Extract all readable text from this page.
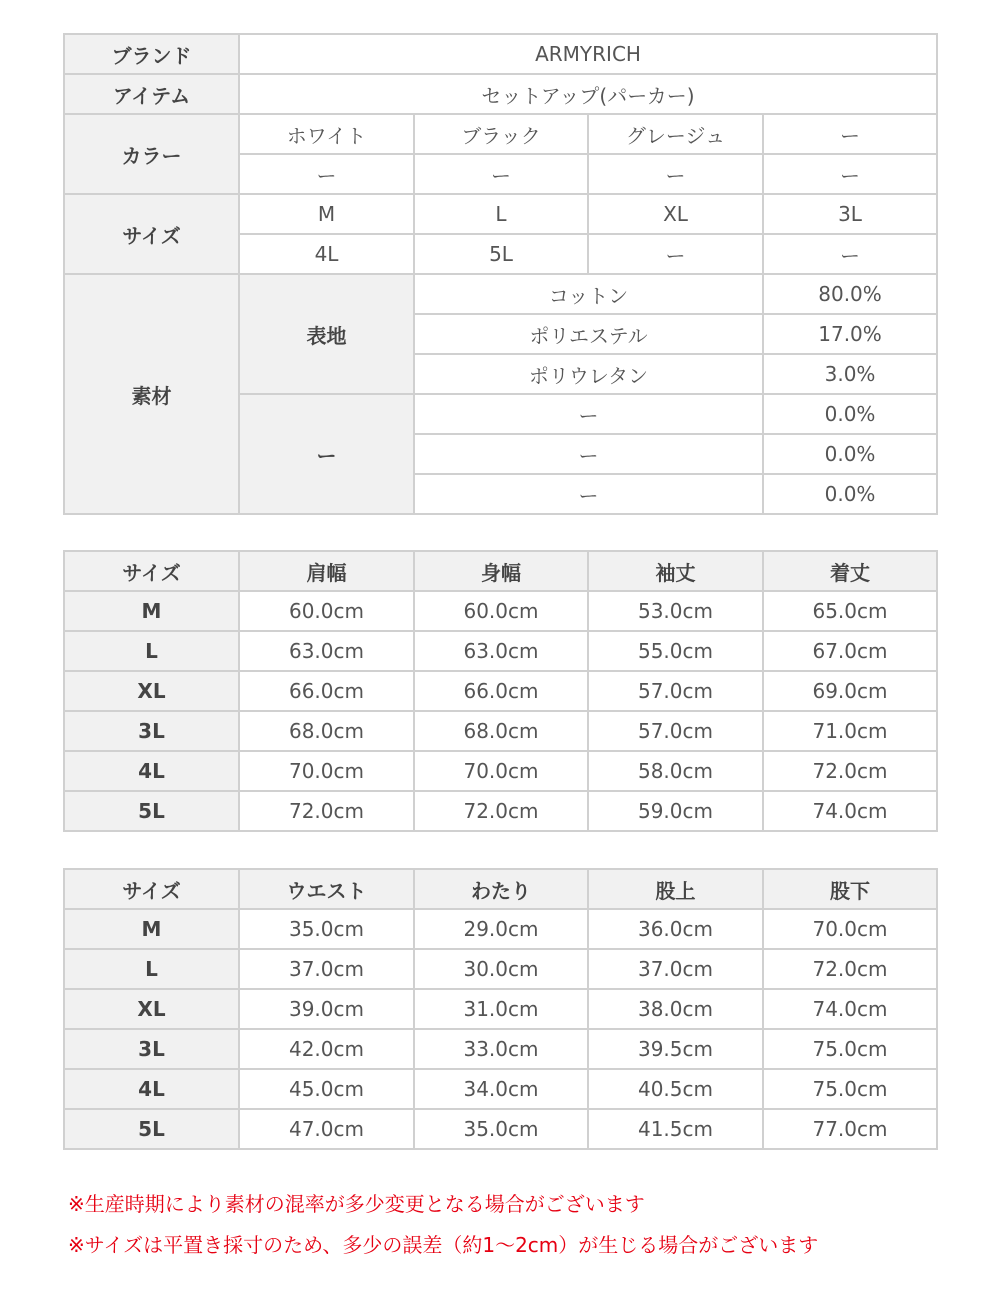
ブランド	ARMYRICH			
アイテム	セットアップ(パーカー)			
カラー	ホワイト	ブラック	グレージュ	ー
	ー	ー	ー	ー
サイズ	M	L	XL	3L
	4L	5L	ー	ー
素材	表地	コットン		80.0%
		ポリエステル		17.0%
		ポリウレタン		3.0%
	ー	ー		0.0%
		ー		0.0%
		ー		0.0%
サイズ	肩幅	身幅	袖丈	着丈
M	60.0cm	60.0cm	53.0cm	65.0cm
L	63.0cm	63.0cm	55.0cm	67.0cm
XL	66.0cm	66.0cm	57.0cm	69.0cm
3L	68.0cm	68.0cm	57.0cm	71.0cm
4L	70.0cm	70.0cm	58.0cm	72.0cm
5L	72.0cm	72.0cm	59.0cm	74.0cm
サイズ	ウエスト	わたり	股上	股下
M	35.0cm	29.0cm	36.0cm	70.0cm
L	37.0cm	30.0cm	37.0cm	72.0cm
XL	39.0cm	31.0cm	38.0cm	74.0cm
3L	42.0cm	33.0cm	39.5cm	75.0cm
4L	45.0cm	34.0cm	40.5cm	75.0cm
5L	47.0cm	35.0cm	41.5cm	77.0cm
※生産時期により素材の混率が多少変更となる場合がございます
※サイズは平置き採寸のため、多少の誤差（約1～2cm）が生じる場合がございます
